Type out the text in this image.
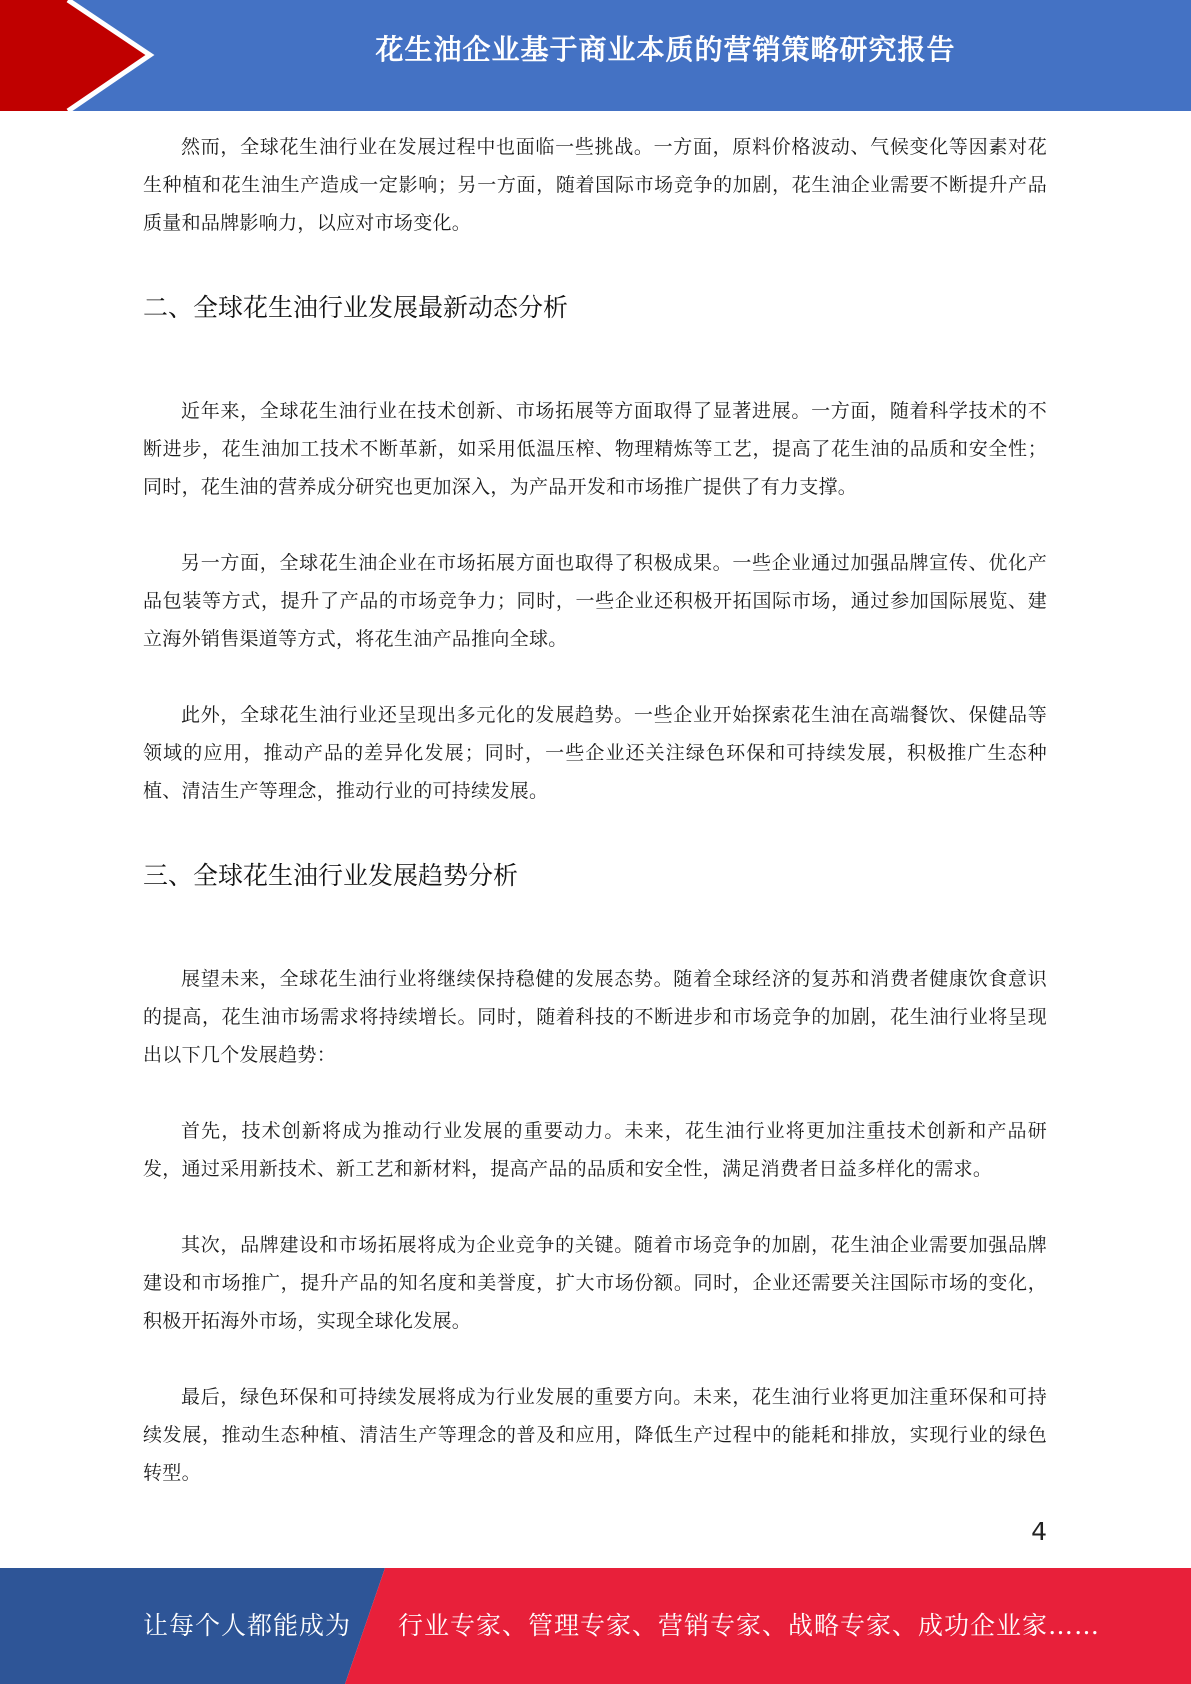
花生油企业基于商业本质的营销策略研究报告

然而，全球花生油行业在发展过程中也面临一些挑战。一方面，原料价格波动、气候变化等因素对花生种植和花生油生产造成一定影响；另一方面，随着国际市场竞争的加剧，花生油企业需要不断提升产品质量和品牌影响力，以应对市场变化。

二、全球花生油行业发展最新动态分析

近年来，全球花生油行业在技术创新、市场拓展等方面取得了显著进展。一方面，随着科学技术的不断进步，花生油加工技术不断革新，如采用低温压榨、物理精炼等工艺，提高了花生油的品质和安全性；同时，花生油的营养成分研究也更加深入，为产品开发和市场推广提供了有力支撑。

另一方面，全球花生油企业在市场拓展方面也取得了积极成果。一些企业通过加强品牌宣传、优化产品包装等方式，提升了产品的市场竞争力；同时，一些企业还积极开拓国际市场，通过参加国际展览、建立海外销售渠道等方式，将花生油产品推向全球。

此外，全球花生油行业还呈现出多元化的发展趋势。一些企业开始探索花生油在高端餐饮、保健品等领域的应用，推动产品的差异化发展；同时，一些企业还关注绿色环保和可持续发展，积极推广生态种植、清洁生产等理念，推动行业的可持续发展。

三、全球花生油行业发展趋势分析

展望未来，全球花生油行业将继续保持稳健的发展态势。随着全球经济的复苏和消费者健康饮食意识的提高，花生油市场需求将持续增长。同时，随着科技的不断进步和市场竞争的加剧，花生油行业将呈现出以下几个发展趋势：

首先，技术创新将成为推动行业发展的重要动力。未来，花生油行业将更加注重技术创新和产品研发，通过采用新技术、新工艺和新材料，提高产品的品质和安全性，满足消费者日益多样化的需求。

其次，品牌建设和市场拓展将成为企业竞争的关键。随着市场竞争的加剧，花生油企业需要加强品牌建设和市场推广，提升产品的知名度和美誉度，扩大市场份额。同时，企业还需要关注国际市场的变化，积极开拓海外市场，实现全球化发展。

最后，绿色环保和可持续发展将成为行业发展的重要方向。未来，花生油行业将更加注重环保和可持续发展，推动生态种植、清洁生产等理念的普及和应用，降低生产过程中的能耗和排放，实现行业的绿色转型。

4
让每个人都能成为 行业专家、管理专家、营销专家、战略专家、成功企业家……
